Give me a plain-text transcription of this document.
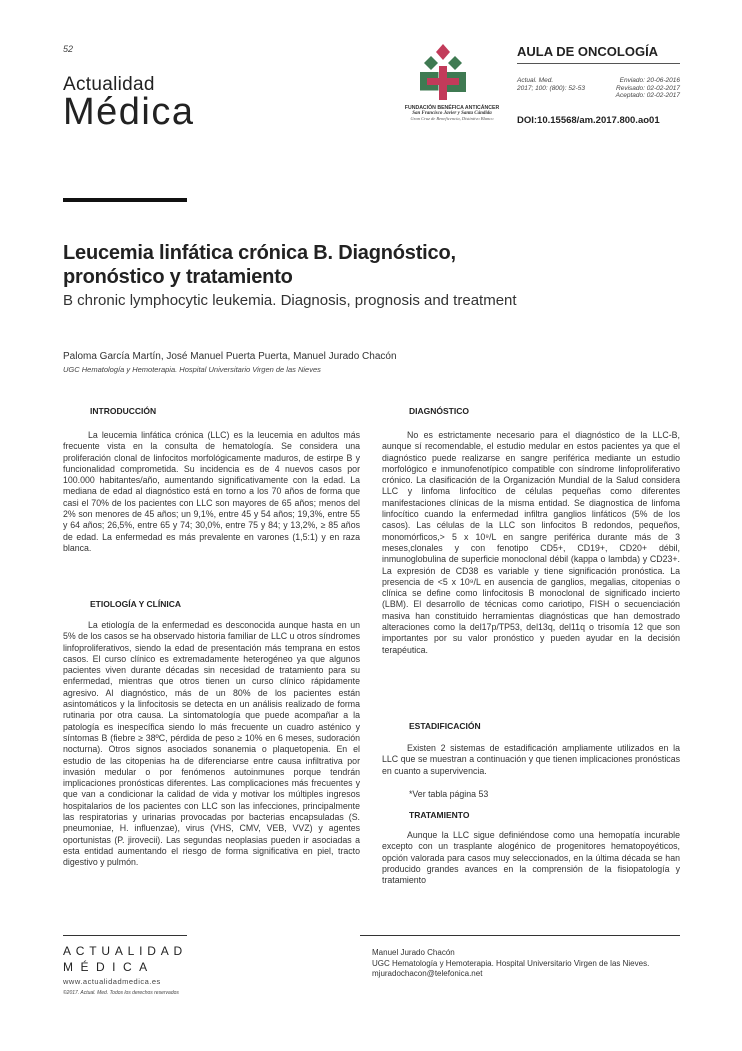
52
Actualidad
Médica	FUNDACIÓN BENÉFICA ANTICÁNCER
San Francisco Javier y Santa Cándida
Gran Cruz de Beneficencia, Distintivo Blanco
AULA DE ONCOLOGÍA
Actual. Med.
2017; 100: (800): 52-53
Enviado: 20-06-2016
Revisado: 02-02-2017
Aceptado: 02-02-2017
DOI:10.15568/am.2017.800.ao01
Leucemia linfática crónica B. Diagnóstico, pronóstico y tratamiento
B chronic lymphocytic leukemia. Diagnosis, prognosis and treatment
Paloma García Martín, José Manuel Puerta Puerta, Manuel Jurado Chacón
UGC Hematología y Hemoterapia. Hospital Universitario Virgen de las Nieves
INTRODUCCIÓN

La leucemia linfática crónica (LLC) es la leucemia en adultos más frecuente vista en la consulta de hematología. Se considera una proliferación clonal de linfocitos morfológicamente maduros, de estirpe B y funcionalidad comprometida. Su incidencia es de 4 nuevos casos por 100.000 habitantes/año, aumentando significativamente con la edad. La mediana de edad al diagnóstico está en torno a los 70 años de forma que casi el 70% de los pacientes con LLC son mayores de 65 años; menos del 2% son menores de 45 años; un 9,1%, entre 45 y 54 años; 19,3%, entre 55 y 64 años; 26,5%, entre 65 y 74; 30,0%, entre 75 y 84; y 13,2%, ≥ 85 años de edad. La enfermedad es más prevalente en varones (1,5:1) y en raza blanca.

ETIOLOGÍA Y CLÍNICA

La etiología de la enfermedad es desconocida aunque hasta en un 5% de los casos se ha observado historia familiar de LLC u otros síndromes linfoproliferativos, siendo la edad de presentación más temprana en estos casos. El curso clínico es extremadamente heterogéneo ya que algunos pacientes viven durante décadas sin necesidad de tratamiento para su enfermedad, mientras que otros tienen un curso clínico rápidamente agresivo. Al diagnóstico, más de un 80% de los pacientes están asintomáticos y la linfocitosis se detecta en un análisis realizado de forma rutinaria por otra causa. La sintomatología que puede acompañar a la patología es inespecífica siendo lo más frecuente un cuadro asténico y síntomas B (fiebre ≥ 38ºC, pérdida de peso ≥ 10% en 6 meses, sudoración nocturna). Otros signos asociados sonanemia o plaquetopenia. En el estudio de las citopenias ha de diferenciarse entre causa infiltrativa por invasión medular o por fenómenos autoinmunes porque tendrán implicaciones pronósticas diferentes. Las complicaciones más frecuentes y que van a condicionar la calidad de vida y motivar los múltiples ingresos hospitalarios de los pacientes con LLC son las infecciones, principalmente las respiratorias y urinarias provocadas por bacterias encapsuladas (S. pneumoniae, H. influenzae), virus (VHS, CMV, VEB, VVZ) y agentes oportunistas (P. jirovecii). Las segundas neoplasias pueden ir asociadas a esta entidad aumentando el riesgo de forma significativa en piel, tracto digestivo y pulmón.

DIAGNÓSTICO

No es estrictamente necesario para el diagnóstico de la LLC-B, aunque sí recomendable, el estudio medular en estos pacientes ya que el diagnóstico puede realizarse en sangre periférica mediante un estudio morfológico e inmunofenotípico compatible con síndrome linfoproliferativo crónico. La clasificación de la Organización Mundial de la Salud considera LLC y linfoma linfocítico de células pequeñas como diferentes manifestaciones clínicas de la misma entidad. Se diagnostica de linfoma linfocítico cuando la enfermedad infiltra ganglios linfáticos (5% de los casos). Las células de la LLC son linfocitos B redondos, pequeños, monomórficos,> 5 x 10⁹/L en sangre periférica durante más de 3 meses,clonales y con fenotipo CD5+, CD19+, CD20+ débil, inmunoglobulina de superficie monoclonal débil (kappa o lambda) y CD23+. La expresión de CD38 es variable y tiene significación pronóstica. La presencia de <5 x 10⁹/L en ausencia de ganglios, megalias, citopenias o clínica se define como linfocitosis B monoclonal de significado incierto (LBM). El desarrollo de técnicas como cariotipo, FISH o secuenciación masiva han constituido herramientas diagnósticas que han demostrado alteraciones como la del17p/TP53, del13q, del11q o trisomía 12 que son importantes por su valor pronóstico y pueden ayudar en la decisión terapéutica.

ESTADIFICACIÓN

Existen 2 sistemas de estadificación ampliamente utilizados en la LLC que se muestran a continuación y que tienen implicaciones pronósticas en cuanto a supervivencia.

*Ver tabla página 53
TRATAMIENTO

Aunque la LLC sigue definiéndose como una hemopatía incurable excepto con un trasplante alogénico de progenitores hematopoyéticos, opción valorada para casos muy seleccionados, en la última década se han producido grandes avances en la comprensión de la fisiopatología y tratamiento

ACTUALIDAD
MÉDICA
www.actualidadmedica.es
©2017. Actual. Med. Todos los derechos reservados
Manuel Jurado Chacón
UGC Hematología y Hemoterapia. Hospital Universitario Virgen de las Nieves.
mjuradochacon@telefonica.net
